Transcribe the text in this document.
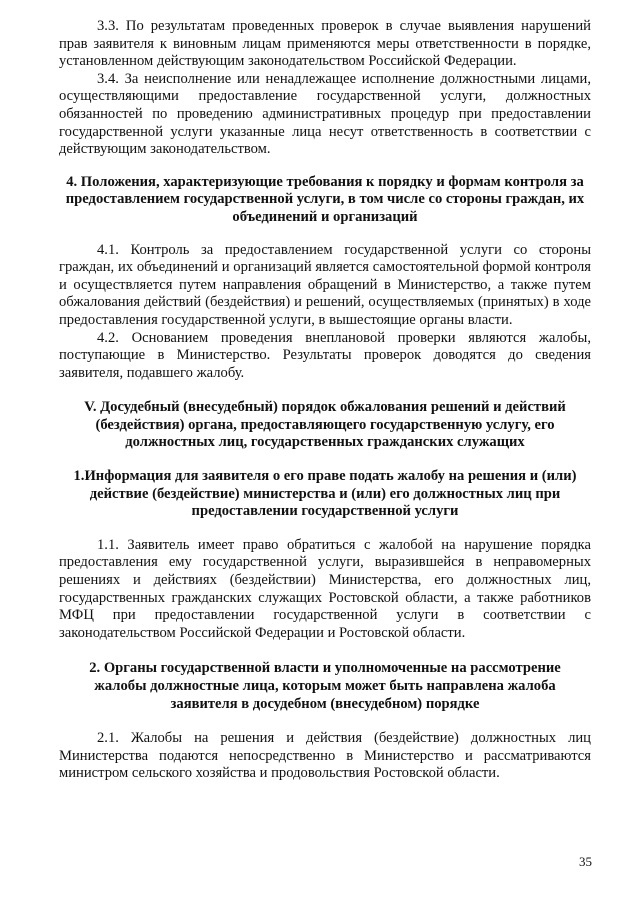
3.3. По результатам проведенных проверок в случае выявления нарушений прав заявителя к виновным лицам применяются меры ответственности в порядке, установленном действующим законодательством Российской Федерации.

3.4. За неисполнение или ненадлежащее исполнение должностными лицами, осуществляющими предоставление государственной услуги, должностных обязанностей по проведению административных процедур при предоставлении государственной услуги указанные лица несут ответственность в соответствии с действующим законодательством.

4. Положения, характеризующие требования к порядку и формам контроля за предоставлением государственной услуги, в том числе со стороны граждан, их объединений и организаций

4.1. Контроль за предоставлением государственной услуги со стороны граждан, их объединений и организаций является самостоятельной формой контроля и осуществляется путем направления обращений в Министерство, а также путем обжалования действий (бездействия) и решений, осуществляемых (принятых) в ходе предоставления государственной услуги, в вышестоящие органы власти.

4.2. Основанием проведения внеплановой проверки являются жалобы, поступающие в Министерство. Результаты проверок доводятся до сведения заявителя, подавшего жалобу.

V. Досудебный (внесудебный) порядок обжалования решений и действий (бездействия) органа, предоставляющего государственную услугу, его должностных лиц, государственных гражданских служащих
1.Информация для заявителя о его праве подать жалобу на решения и (или) действие (бездействие) министерства и (или) его должностных лиц при предоставлении государственной услуги

1.1. Заявитель имеет право обратиться с жалобой на нарушение порядка предоставления ему государственной услуги, выразившейся в неправомерных решениях и действиях (бездействии) Министерства, его должностных лиц, государственных гражданских служащих Ростовской области, а также работников МФЦ при предоставлении государственной услуги в соответствии с законодательством Российской Федерации и Ростовской области.

2. Органы государственной власти и уполномоченные на рассмотрение жалобы должностные лица, которым может быть направлена жалоба заявителя в досудебном (внесудебном) порядке

2.1. Жалобы на решения и действия (бездействие) должностных лиц Министерства подаются непосредственно в Министерство и рассматриваются министром сельского хозяйства и продовольствия Ростовской области.

35
